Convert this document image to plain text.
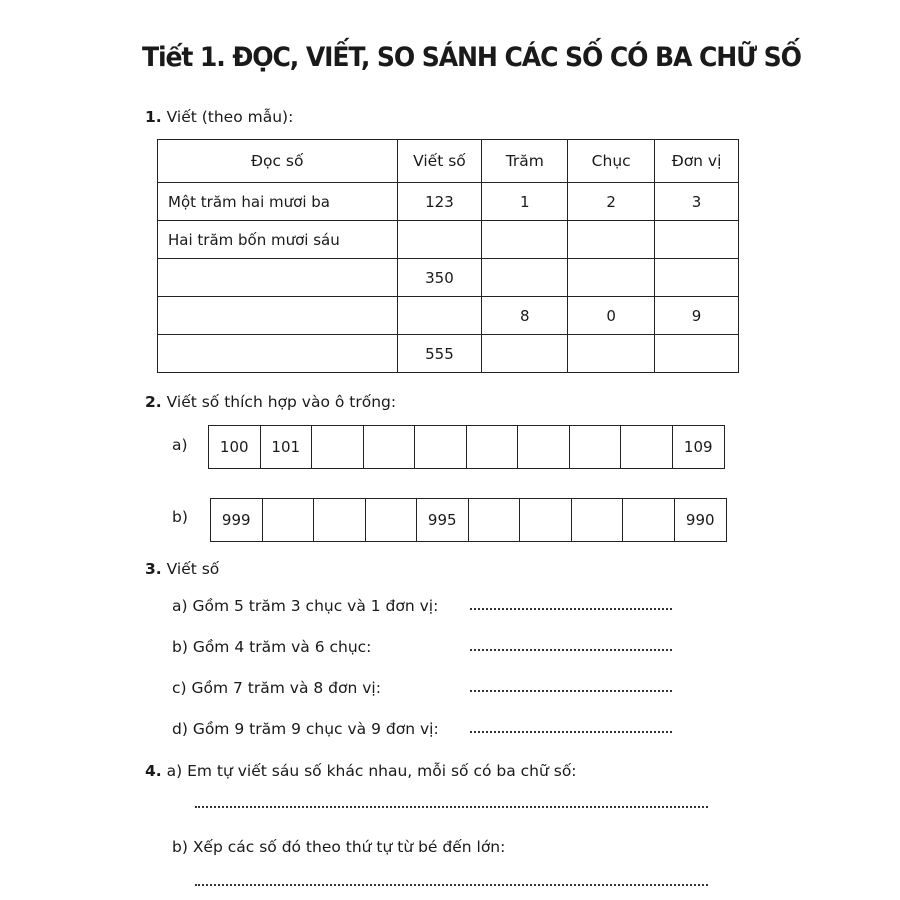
Tiết 1. ĐỌC, VIẾT, SO SÁNH CÁC SỐ CÓ BA CHỮ SỐ
1. Viết (theo mẫu):
Đọc số	Viết số	Trăm	Chục	Đơn vị
Một trăm hai mươi ba	123	1	2	3
Hai trăm bốn mươi sáu				
	350			
		8	0	9
	555			
2. Viết số thích hợp vào ô trống:
a)	100	101	109
b)	999	995	990
3. Viết số
a) Gồm 5 trăm 3 chục và 1 đơn vị:
b) Gồm 4 trăm và 6 chục:
c) Gồm 7 trăm và 8 đơn vị:
d) Gồm 9 trăm 9 chục và 9 đơn vị:
4. a) Em tự viết sáu số khác nhau, mỗi số có ba chữ số:
b) Xếp các số đó theo thứ tự từ bé đến lớn:
